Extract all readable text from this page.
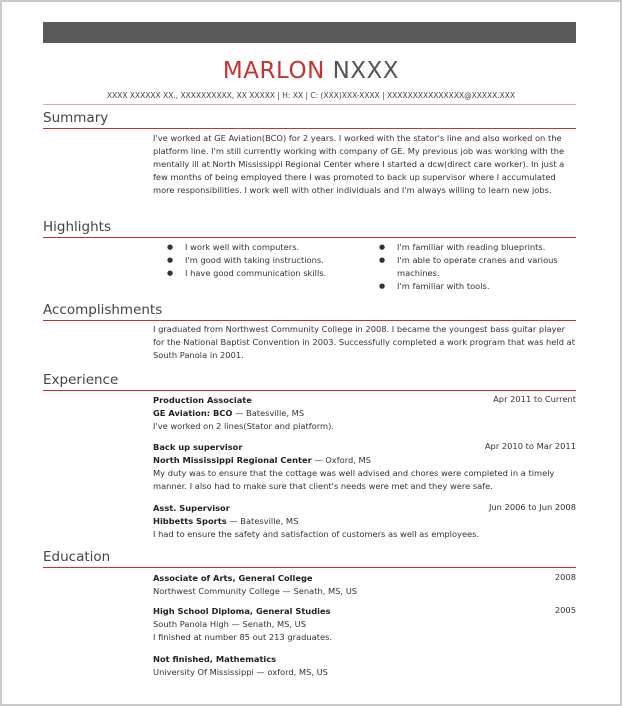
MARLON NXXX
XXXX XXXXXX XX., XXXXXXXXXX, XX XXXXX | H: XX | C: (XXX)XXX-XXXX | XXXXXXXXXXXXXXX@XXXXX.XXX
Summary
I've worked at GE Aviation(BCO) for 2 years. I worked with the stator's line and also worked on the platform line. I'm still currently working with company of GE. My previous job was working with the mentally ill at North Mississippi Regional Center where I started a dcw(direct care worker). In just a few months of being employed there I was promoted to back up supervisor where I accumulated more responsibilities. I work well with other individuals and I'm always willing to learn new jobs.
Highlights
● I work well with computers.
● I'm good with taking instructions.
● I have good communication skills.
● I'm familiar with reading blueprints.
● I'm able to operate cranes and various machines.
● I'm familiar with tools.
Accomplishments
I graduated from Northwest Community College in 2008. I became the youngest bass guitar player for the National Baptist Convention in 2003. Successfully completed a work program that was held at South Panola in 2001.
Experience
Production Associate	Apr 2011 to Current
GE Aviation: BCO — Batesville, MS
I've worked on 2 lines(Stator and platform).
Back up supervisor	Apr 2010 to Mar 2011
North Mississippi Regional Center — Oxford, MS
My duty was to ensure that the cottage was well advised and chores were completed in a timely manner. I also had to make sure that client's needs were met and they were safe.
Asst. Supervisor	Jun 2006 to Jun 2008
Hibbetts Sports — Batesville, MS
I had to ensure the safety and satisfaction of customers as well as employees.
Education
Associate of Arts, General College	2008
Northwest Community College — Senath, MS, US
High School Diploma, General Studies	2005
South Panola High — Senath, MS, US
I finished at number 85 out 213 graduates.
Not finished, Mathematics
University Of Mississippi — oxford, MS, US
